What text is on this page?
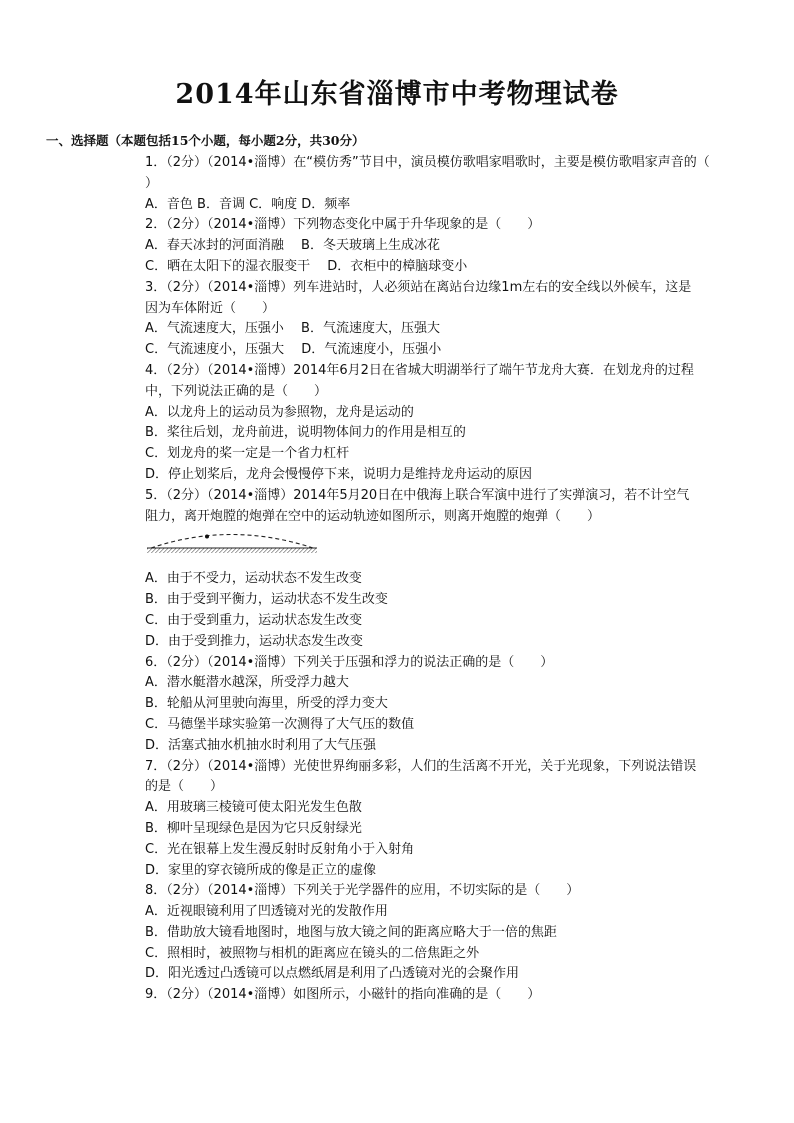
2014年山东省淄博市中考物理试卷
一、选择题（本题包括15个小题，每小题2分，共30分）
1．（2分）（2014•淄博）在“模仿秀”节目中，演员模仿歌唱家唱歌时，主要是模仿歌唱家声音的（
）
A．音色 B．音调 C．响度 D．频率
2．（2分）（2014•淄博）下列物态变化中属于升华现象的是（　　）
A．春天冰封的河面消融　 B．冬天玻璃上生成冰花
C．晒在太阳下的湿衣服变干　 D．衣柜中的樟脑球变小
3．（2分）（2014•淄博）列车进站时，人必须站在离站台边缘1m左右的安全线以外候车，这是
因为车体附近（　　）
A．气流速度大，压强小　 B．气流速度大，压强大
C．气流速度小，压强大　 D．气流速度小，压强小
4．（2分）（2014•淄博）2014年6月2日在省城大明湖举行了端午节龙舟大赛．在划龙舟的过程
中，下列说法正确的是（　　）
A．以龙舟上的运动员为参照物，龙舟是运动的
B．桨往后划，龙舟前进，说明物体间力的作用是相互的
C．划龙舟的桨一定是一个省力杠杆
D．停止划桨后，龙舟会慢慢停下来，说明力是维持龙舟运动的原因
5．（2分）（2014•淄博）2014年5月20日在中俄海上联合军演中进行了实弹演习，若不计空气
阻力，离开炮膛的炮弹在空中的运动轨迹如图所示，则离开炮膛的炮弹（　　）
A．由于不受力，运动状态不发生改变
B．由于受到平衡力，运动状态不发生改变
C．由于受到重力，运动状态发生改变
D．由于受到推力，运动状态发生改变
6．（2分）（2014•淄博）下列关于压强和浮力的说法正确的是（　　）
A．潜水艇潜水越深，所受浮力越大
B．轮船从河里驶向海里，所受的浮力变大
C．马德堡半球实验第一次测得了大气压的数值
D．活塞式抽水机抽水时利用了大气压强
7．（2分）（2014•淄博）光使世界绚丽多彩，人们的生活离不开光，关于光现象，下列说法错误
的是（　　）
A．用玻璃三棱镜可使太阳光发生色散
B．柳叶呈现绿色是因为它只反射绿光
C．光在银幕上发生漫反射时反射角小于入射角
D．家里的穿衣镜所成的像是正立的虚像
8．（2分）（2014•淄博）下列关于光学器件的应用，不切实际的是（　　）
A．近视眼镜利用了凹透镜对光的发散作用
B．借助放大镜看地图时，地图与放大镜之间的距离应略大于一倍的焦距
C．照相时，被照物与相机的距离应在镜头的二倍焦距之外
D．阳光透过凸透镜可以点燃纸屑是利用了凸透镜对光的会聚作用
9．（2分）（2014•淄博）如图所示，小磁针的指向准确的是（　　）
